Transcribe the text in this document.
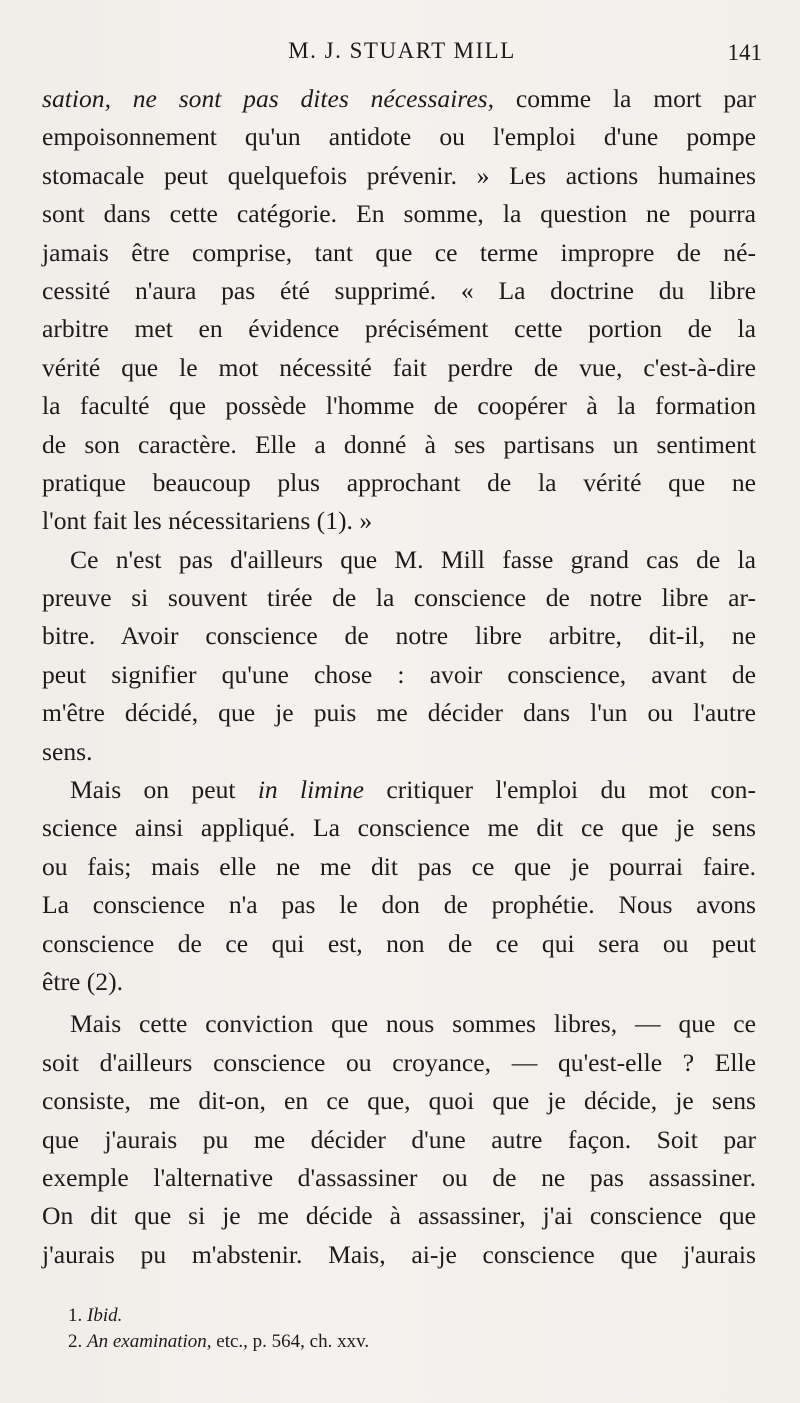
M. J. STUART MILL	141
sation, ne sont pas dites nécessaires, comme la mort par
empoisonnement qu'un antidote ou l'emploi d'une pompe
stomacale peut quelquefois prévenir. » Les actions humaines
sont dans cette catégorie. En somme, la question ne pourra
jamais être comprise, tant que ce terme impropre de né-
cessité n'aura pas été supprimé. « La doctrine du libre
arbitre met en évidence précisément cette portion de la
vérité que le mot nécessité fait perdre de vue, c'est-à-dire
la faculté que possède l'homme de coopérer à la formation
de son caractère. Elle a donné à ses partisans un sentiment
pratique beaucoup plus approchant de la vérité que ne
l'ont fait les nécessitariens (1). »
Ce n'est pas d'ailleurs que M. Mill fasse grand cas de la
preuve si souvent tirée de la conscience de notre libre ar-
bitre. Avoir conscience de notre libre arbitre, dit-il, ne
peut signifier qu'une chose : avoir conscience, avant de
m'être décidé, que je puis me décider dans l'un ou l'autre
sens.
Mais on peut in limine critiquer l'emploi du mot con-
science ainsi appliqué. La conscience me dit ce que je sens
ou fais; mais elle ne me dit pas ce que je pourrai faire.
La conscience n'a pas le don de prophétie. Nous avons
conscience de ce qui est, non de ce qui sera ou peut
être (2).
Mais cette conviction que nous sommes libres, — que ce
soit d'ailleurs conscience ou croyance, — qu'est-elle ? Elle
consiste, me dit-on, en ce que, quoi que je décide, je sens
que j'aurais pu me décider d'une autre façon. Soit par
exemple l'alternative d'assassiner ou de ne pas assassiner.
On dit que si je me décide à assassiner, j'ai conscience que
j'aurais pu m'abstenir. Mais, ai-je conscience que j'aurais
1. Ibid.
2. An examination, etc., p. 564, ch. xxv.
